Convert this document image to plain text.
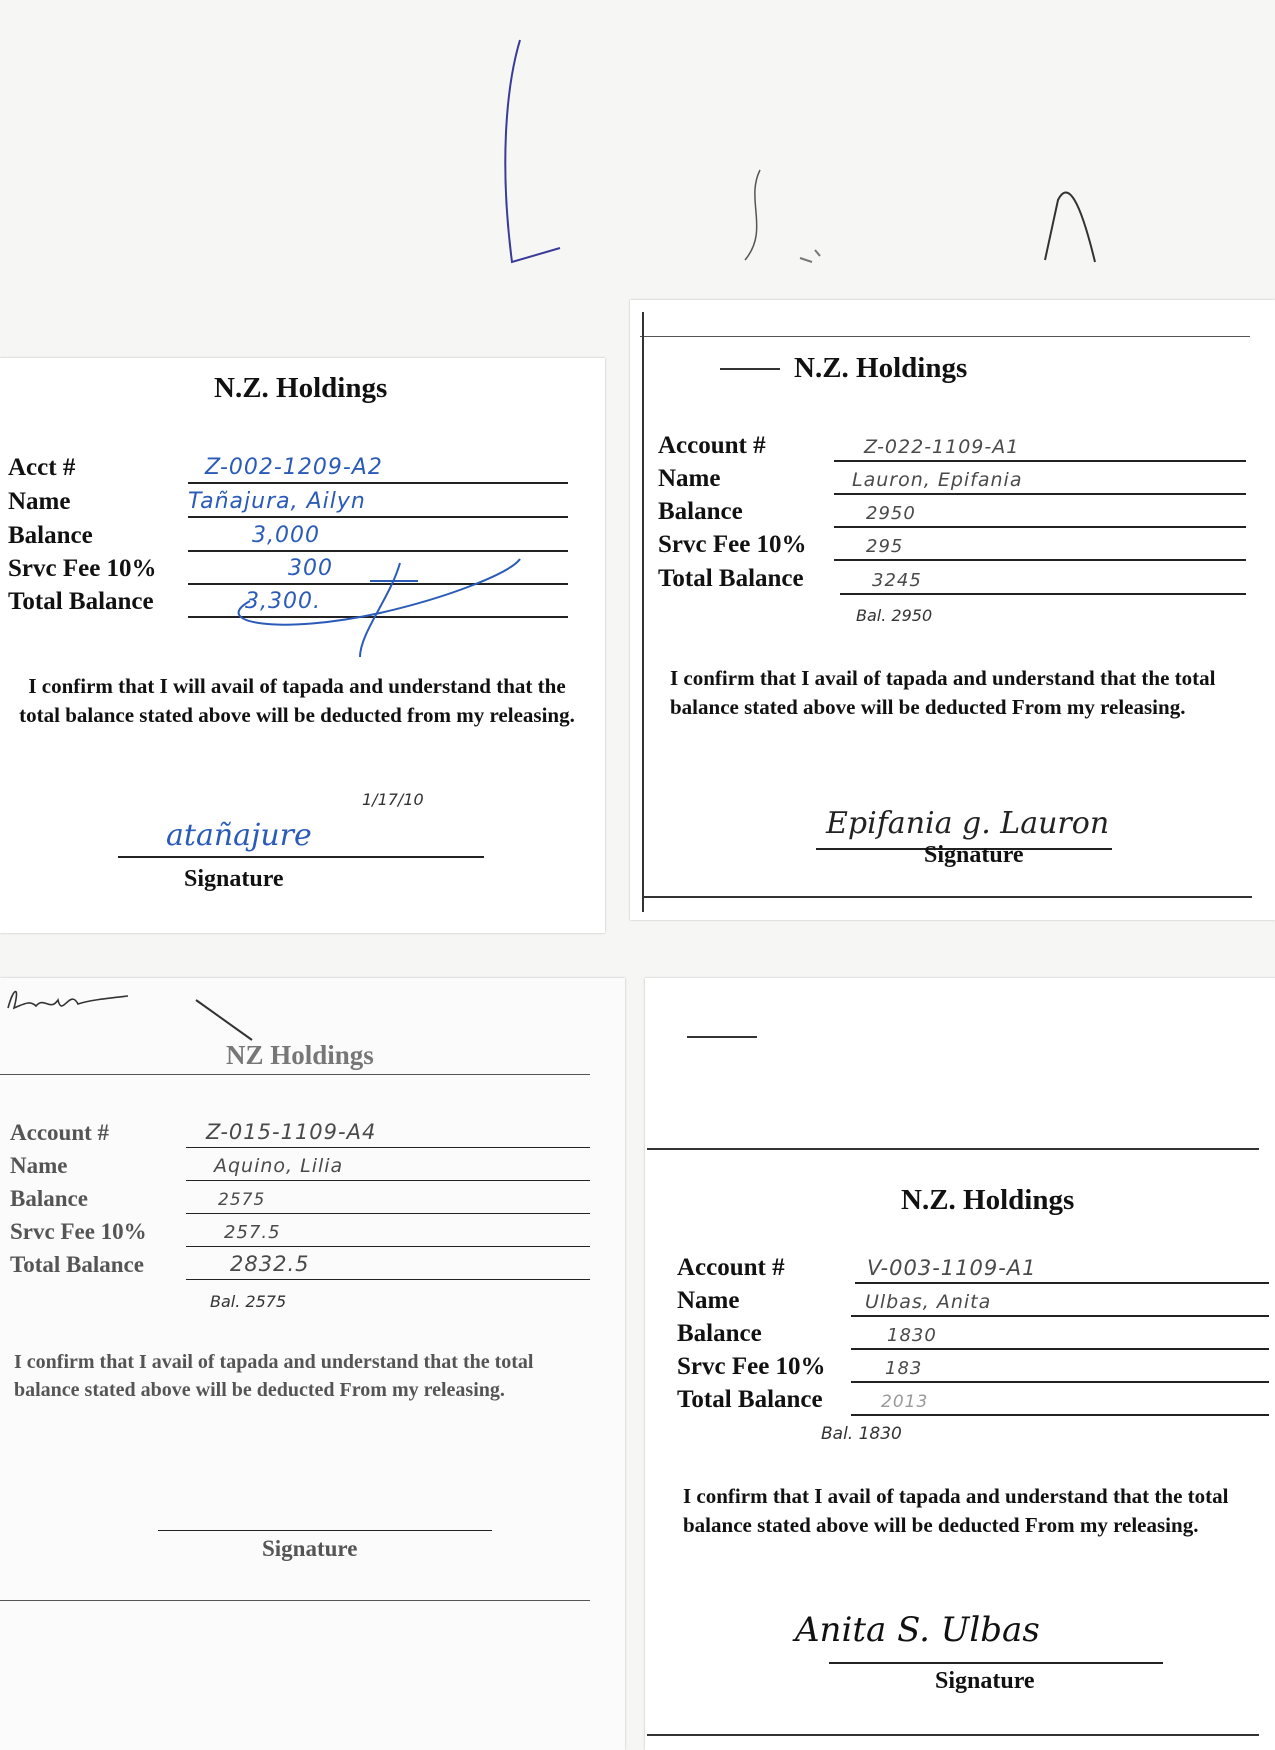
N.Z. Holdings
Acct #	Z-002-1209-A2
Name	Tañajura, Ailyn
Balance	3,000
Srvc Fee 10%	300
Total Balance	3,300.
I confirm that I will avail of tapada and understand that the total balance stated above will be deducted from my releasing.
1/17/10
atañajure
Signature
N.Z. Holdings
Account #	Z-022-1109-A1
Name	Lauron, Epifania
Balance	2950
Srvc Fee 10%	295
Total Balance	3245
Bal. 2950
I confirm that I avail of tapada and understand that the total balance stated above will be deducted From my releasing.
Epifania g. Lauron
Signature
NZ Holdings
Account #	Z-015-1109-A4
Name	Aquino, Lilia
Balance	2575
Srvc Fee 10%	257.5
Total Balance	2832.5
Bal. 2575
I confirm that I avail of tapada and understand that the total balance stated above will be deducted From my releasing.
Signature
N.Z. Holdings
Account #	V-003-1109-A1
Name	Ulbas, Anita
Balance	1830
Srvc Fee 10%	183
Total Balance	2013
Bal. 1830
I confirm that I avail of tapada and understand that the total balance stated above will be deducted From my releasing.
Anita S. Ulbas
Signature
